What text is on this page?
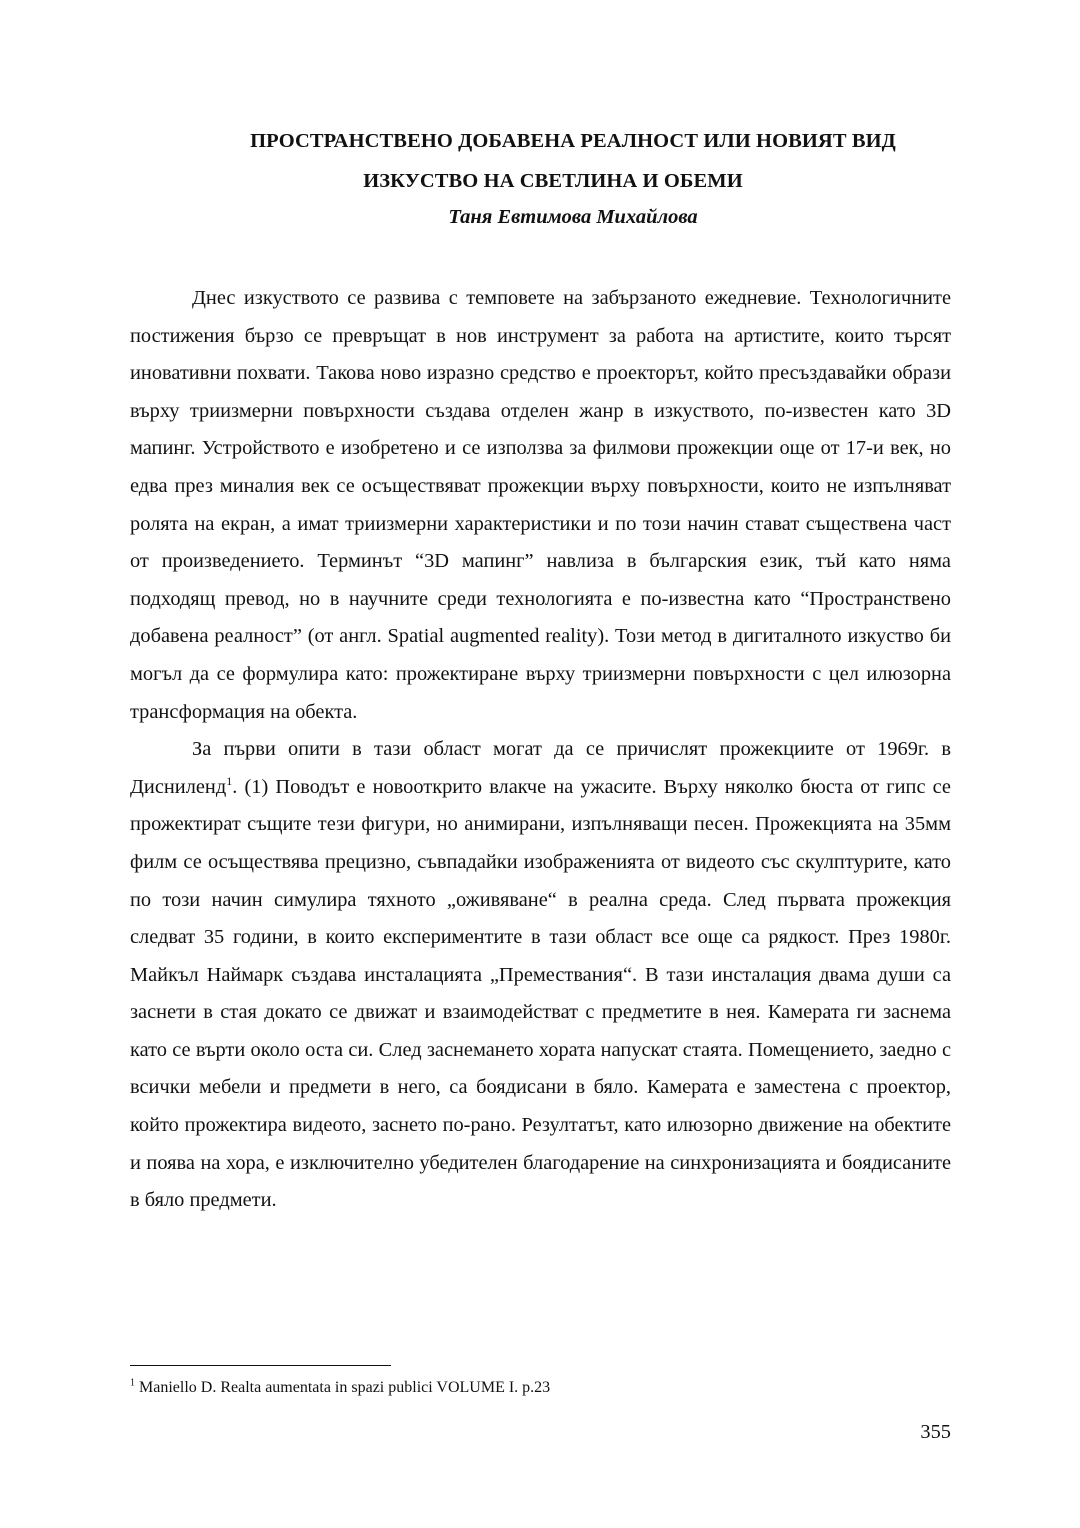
ПРОСТРАНСТВЕНО ДОБАВЕНА РЕАЛНОСТ ИЛИ НОВИЯТ ВИД
ИЗКУСТВО НА СВЕТЛИНА И ОБЕМИ
Таня Евтимова Михайлова

Днес изкуството се развива с темповете на забързаното ежедневие. Технологичните постижения бързо се превръщат в нов инструмент за работа на артистите, които търсят иновативни похвати. Такова ново изразно средство е проекторът, който пресъздавайки образи върху триизмерни повърхности създава отделен жанр в изкуството, по-известен като 3D мапинг. Устройството е изобретено и се използва за филмови прожекции още от 17-и век, но едва през миналия век се осъществяват прожекции върху повърхности, които не изпълняват ролята на екран, а имат триизмерни характеристики и по този начин стават съществена част от произведението. Терминът “3D мапинг” навлиза в българския език, тъй като няма подходящ превод, но в научните среди технологията е по-известна като “Пространствено добавена реалност” (от англ. Spatial augmented reality). Този метод в дигиталното изкуство би могъл да се формулира като: прожектиране върху триизмерни повърхности с цел илюзорна трансформация на обекта.

За първи опити в тази област могат да се причислят прожекциите от 1969г. в Дисниленд$^1$. (1) Поводът е новооткрито влакче на ужасите. Върху няколко бюста от гипс се прожектират същите тези фигури, но анимирани, изпълняващи песен. Прожекцията на 35мм филм се осъществява прецизно, съвпадайки изображенията от видеото със скулптурите, като по този начин симулира тяхното „оживяване“ в реална среда. След първата прожекция следват 35 години, в които експериментите в тази област все още са рядкост. През 1980г. Майкъл Наймарк създава инсталацията „Премествания“. В тази инсталация двама души са заснети в стая докато се движат и взаимодействат с предметите в нея. Камерата ги заснема като се върти около оста си. След заснемането хората напускат стаята. Помещението, заедно с всички мебели и предмети в него, са боядисани в бяло. Камерата е заместена с проектор, който прожектира видеото, заснето по-рано. Резултатът, като илюзорно движение на обектите и поява на хора, е изключително убедителен благодарение на синхронизацията и боядисаните в бяло предмети.

$^1$ Maniello D. Realta aumentata in spazi publici VOLUME I. p.23
355
